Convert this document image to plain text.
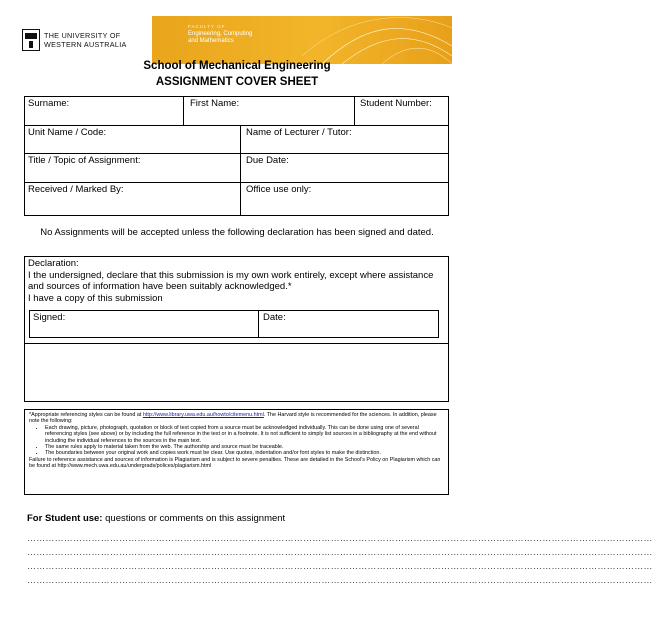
THE UNIVERSITY OF
WESTERN AUSTRALIA
FACULTY OF
Engineering, Computing
and Mathematics
School of Mechanical Engineering
ASSIGNMENT COVER SHEET
Surname:	First Name:	Student Number:
Unit Name / Code:	Name of Lecturer / Tutor:
Title / Topic of Assignment:	Due Date:
Received / Marked By:	Office use only:
No Assignments will be accepted unless the following declaration has been signed and dated.
Declaration:
I the undersigned, declare that this submission is my own work entirely, except where assistance and sources of information have been suitably acknowledged.*
I have a copy of this submission
Signed:	Date:
*Appropriate referencing styles can be found at http://www.library.uwa.edu.au/howto/citemenu.html. The Harvard style is recommended for the sciences. In addition, please note the following:
• Each drawing, picture, photograph, quotation or block of text copied from a source must be acknowledged individually. This can be done using one of several referencing styles (see above) or by including the full reference in the text or in a footnote. It is not sufficient to simply list sources in a bibliography at the end without including the individual references to the sources in the main text.
• The same rules apply to material taken from the web. The authorship and source must be traceable.
• The boundaries between your original work and copies work must be clear. Use quotes, indentation and/or font styles to make the distinction.
Failure to reference assistance and sources of information is Plagiarism and is subject to severe penalties. These are detailed in the School's Policy on Plagiarism which can be found at http://www.mech.uwa.edu.au/undergrads/polices/plagiarism.html
For Student use: questions or comments on this assignment
……………………………………………………………………………………………………………………………………………………………………………………
……………………………………………………………………………………………………………………………………………………………………………………
……………………………………………………………………………………………………………………………………………………………………………………
……………………………………………………………………………………………………………………………………………………………………………………
